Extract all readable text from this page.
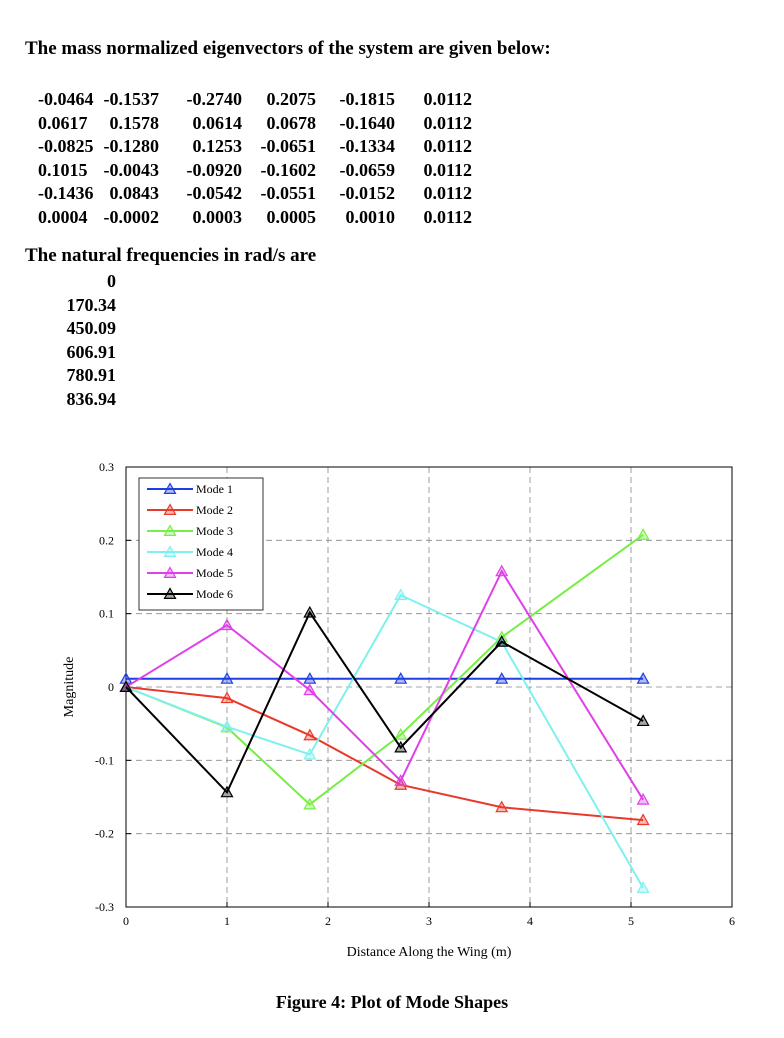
The mass normalized eigenvectors of the system are given below:
-0.0464 -0.1537 -0.2740 0.2075 -0.1815 0.0112
0.0617 0.1578 0.0614 0.0678 -0.1640 0.0112
-0.0825 -0.1280 0.1253 -0.0651 -0.1334 0.0112
0.1015 -0.0043 -0.0920 -0.1602 -0.0659 0.0112
-0.1436 0.0843 -0.0542 -0.0551 -0.0152 0.0112
0.0004 -0.0002 0.0003 0.0005 0.0010 0.0112
The natural frequencies in rad/s are
0
170.34
450.09
606.91
780.91
836.94
0	1	2	3	4	5	6
0.3
0.2
0.1
0
-0.1
-0.2
-0.3
Distance Along the Wing (m)
Magnitude
Mode 1
Mode 2
Mode 3
Mode 4
Mode 5
Mode 6
Figure 4: Plot of Mode Shapes
